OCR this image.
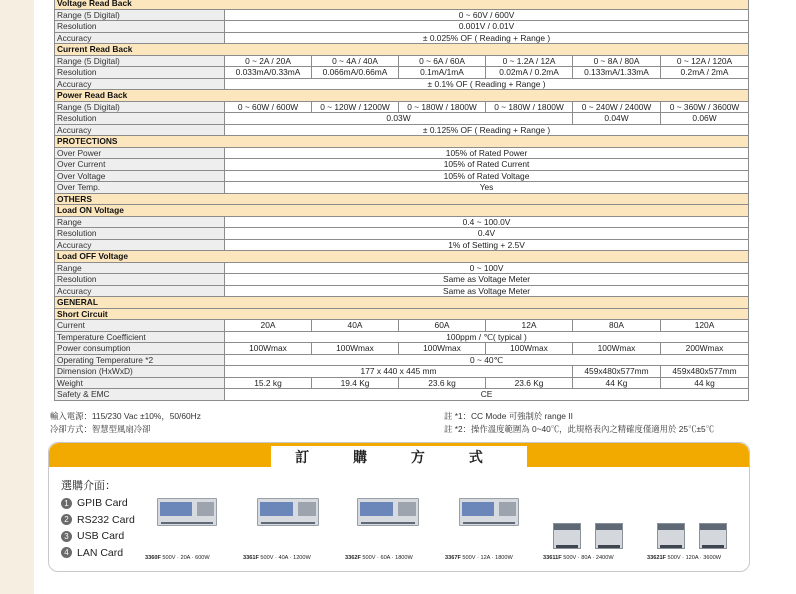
Voltage Read Back						
Range (5 Digital)	0 ~ 60V / 600V					
Resolution	0.001V / 0.01V					
Accuracy	± 0.025% OF ( Reading + Range )					
Current Read Back						
Range (5 Digital)	0 ~ 2A / 20A	0 ~ 4A / 40A	0 ~ 6A / 60A	0 ~ 1.2A / 12A	0 ~ 8A / 80A	0 ~ 12A / 120A
Resolution	0.033mA/0.33mA	0.066mA/0.66mA	0.1mA/1mA	0.02mA / 0.2mA	0.133mA/1.33mA	0.2mA / 2mA
Accuracy	± 0.1% OF ( Reading + Range )					
Power Read Back						
Range (5 Digital)	0 ~ 60W / 600W	0 ~ 120W / 1200W	0 ~ 180W / 1800W	0 ~ 180W / 1800W	0 ~ 240W / 2400W	0 ~ 360W / 3600W
Resolution	0.03W				0.04W	0.06W
Accuracy	± 0.125% OF ( Reading + Range )					
PROTECTIONS						
Over Power	105% of Rated Power					
Over Current	105% of Rated Current					
Over Voltage	105% of Rated Voltage					
Over Temp.	Yes					
OTHERS						
Load ON Voltage						
Range	0.4 ~ 100.0V					
Resolution	0.4V					
Accuracy	1% of Setting + 2.5V					
Load OFF Voltage						
Range	0 ~ 100V					
Resolution	Same as Voltage Meter					
Accuracy	Same as Voltage Meter					
GENERAL						
Short Circuit						
Current	20A	40A	60A	12A	80A	120A
Temperature Coefficient	100ppm / ℃( typical )					
Power consumption	100Wmax	100Wmax	100Wmax	100Wmax	100Wmax	200Wmax
Operating Temperature *2	0 ~ 40℃					
Dimension (HxWxD)	177 x 440 x 445 mm				459x480x577mm	459x480x577mm
Weight	15.2 kg	19.4 Kg	23.6 kg	23.6 Kg	44 Kg	44 kg
Safety & EMC	CE					
輸入電源：115/230 Vac ±10%，50/60Hz
冷卻方式：智慧型風扇冷卻
註 *1：CC Mode 可強制於 range II
註 *2：操作溫度範圍為 0~40℃，此規格表內之精確度僅適用於 25℃±5℃
訂 購 方 式
選購介面：
1 GPIB Card
2 RS232 Card
3 USB Card
4 LAN Card	3360F 500V · 20A · 600W	3361F 500V · 40A · 1200W	3362F 500V · 60A · 1800W	3367F 500V · 12A · 1800W	33611F 500V · 80A · 2400W	33621F 500V · 120A · 3600W
